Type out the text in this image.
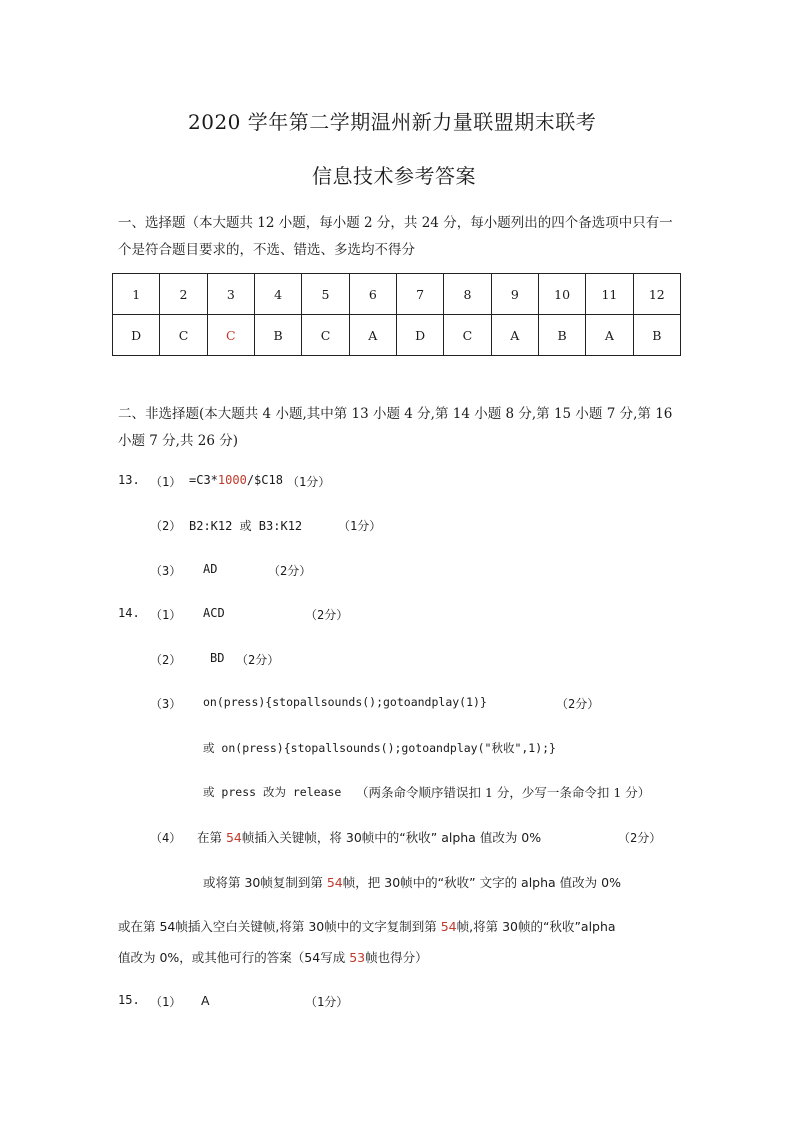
2020 学年第二学期温州新力量联盟期末联考
信息技术参考答案
一、选择题（本大题共 12 小题，每小题 2 分，共 24 分，每小题列出的四个备选项中只有一
个是符合题目要求的，不选、错选、多选均不得分
1	2	3	4	5	6	7	8	9	10	11	12
D	C	C	B	C	A	D	C	A	B	A	B
二、非选择题(本大题共 4 小题,其中第 13 小题 4 分,第 14 小题 8 分,第 15 小题 7 分,第 16
小题 7 分,共 26 分)
13. （1） =C3*1000/$C18 （1分）
（2） B2:K12 或 B3:K12	（1分）
（3） AD	（2分）
14. （1） ACD	（2分）
（2） BD （2分）
（3） on(press){stopallsounds();gotoandplay(1)}	（2分）
或 on(press){stopallsounds();gotoandplay("秋收",1);}
或 press 改为 release （两条命令顺序错误扣 1 分，少写一条命令扣 1 分）
（4） 在第 54帧插入关键帧，将 30帧中的“秋收” alpha 值改为 0%	（2分）
或将第 30帧复制到第 54帧，把 30帧中的“秋收” 文字的 alpha 值改为 0%
或在第 54帧插入空白关键帧,将第 30帧中的文字复制到第 54帧,将第 30帧的“秋收”alpha
值改为 0%，或其他可行的答案（54写成 53帧也得分）
15. （1） A	（1分）
